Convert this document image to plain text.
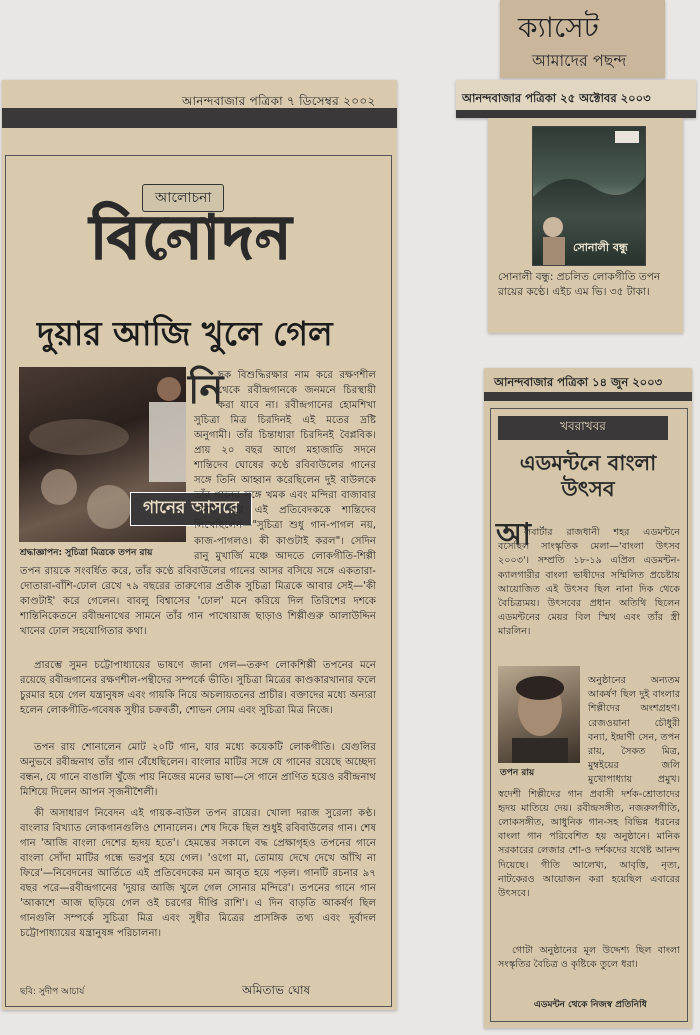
আনন্দবাজার পত্রিকা ৭ ডিসেম্বর ২০০২
আলোচনা
বিনোদন
দুয়ার আজি খুলে গেল
গানের আসরে
শ্রদ্ধাজ্ঞাপন: সুচিত্রা মিত্রকে তপন রায়
নি
ছক বিশুদ্ধিরক্ষার নাম করে রক্ষণশীল থেকে রবীন্দ্রগানকে জনমনে চিরস্থায়ী করা যাবে না। রবীন্দ্রগানের হোমশিখা সুচিত্রা মিত্র চিরদিনই এই মতের দ্রষ্টি অনুগামী। তাঁর চিন্তাধারা চিরদিনই বৈপ্লবিক। প্রায় ২০ বছর আগে মহাজাতি সদনে শান্তিদেব ঘোষের কণ্ঠে রবিবাউলের গানের সঙ্গে তিনি আহ্বান করেছিলেন দুই বাউলকে তাঁর গানের সঙ্গে খমক এবং মন্দিরা বাজাবার জন্য। পরে এই প্রতিবেদককে শান্তিদেব লিখেছিলেন—"সুচিত্রা শুধু গান-পাগল নয়, কাজ-পাগলও। কী কাণ্ডটাই করল"। সেদিন রানু মুখার্জি মঞ্চে আদতে লোকগীতি-শিল্পী তপন রায়কে সংবর্ধিত করে, তাঁর কণ্ঠে রবিবাউলের গানের আসর বসিয়ে সঙ্গে একতারা-দোতারা-বাঁশি-ঢোল রেখে ৭৯ বছরের তারুণ্যের প্রতীক সুচিত্রা মিত্রকে আবার সেই—'কী কাণ্ডটাই' করে গেলেন। বাবলু বিশ্বাসের 'ঢোল' মনে করিয়ে দিল তিরিশের দশকে শান্তিনিকেতনে রবীন্দ্রনাথের সামনে তাঁর গান পাখোয়াজ ছাড়াও শিল্পীগুরু আলাউদ্দিন খানের ঢোল সহযোগিতার কথা।
প্রারম্ভে সুমন চট্টোপাধ্যায়ের ভাষণে জানা গেল—তরুণ লোকশিল্পী তপনের মনে রয়েছে রবীন্দ্রগানের রক্ষণশীল-পন্থীদের সম্পর্কে ভীতি। সুচিত্রা মিত্রের কাণ্ডকারখানার ফলে চুরমার হয়ে গেল যন্ত্রানুষঙ্গ এবং গায়কি নিয়ে অচলায়তনের প্রাচীর। বক্তাদের মধ্যে অন্যরা হলেন লোকগীতি-গবেষক সুধীর চক্রবর্তী, শোভন সোম এবং সুচিত্রা মিত্র নিজে।
তপন রায় শোনালেন মোট ২০টি গান, যার মধ্যে কয়েকটি লোকগীতি। যেগুলির অনুভবে রবীন্দ্রনাথ তাঁর গান বেঁধেছিলেন। বাংলার মাটির সঙ্গে যে গানের রয়েছে অচ্ছেদ্য বন্ধন, যে গানে বাঙালি খুঁজে পায় নিজের মনের ভাষা—সে গানে প্রাণিত হয়েও রবীন্দ্রনাথ মিশিয়ে দিলেন আপন সৃজনীশৈলী।
কী অসাধারণ নিবেদন এই গায়ক-বাউল তপন রায়ের। খোলা দরাজ সুরেলা কণ্ঠ। বাংলার বিখ্যাত লোকগানগুলিও শোনালেন। শেষ দিকে ছিল শুধুই রবিবাউলের গান। শেষ গান 'আজি বাংলা দেশের হৃদয় হতে'। হেমন্তের সকালে বদ্ধ প্রেক্ষাগৃহও তপনের গানে বাংলা সোঁদা মাটির গন্ধে ভরপুর হয়ে গেল। 'ওগো মা, তোমায় দেখে দেখে আঁখি না ফিরে'—নিবেদনের আর্তিতে এই প্রতিবেদকের মন আবৃত হয়ে পড়ল। গানটি রচনার ৯৭ বছর পরে—রবীন্দ্রগানের 'দুয়ার আজি খুলে গেল সোনার মন্দিরে'। তপনের গানে গান 'আকাশে আজ ছড়িয়ে গেল ওই চরণের দীপ্তি রাশি'। এ দিন বাড়তি আকর্ষণ ছিল গানগুলি সম্পর্কে সুচিত্রা মিত্র এবং সুধীর মিত্রের প্রাসঙ্গিক তথ্য এবং দুর্বাদল চট্টোপাধ্যায়ের যন্ত্রানুষঙ্গ পরিচালনা।
ছবি: সুদীপ আচার্য	অমিতাভ ঘোষ
ক্যাসেট
আমাদের পছন্দ
আনন্দবাজার পত্রিকা ২৫ অক্টোবর ২০০৩
সোনালী বন্ধু
সোনালী বন্ধু: প্রচলিত লোকগীতি তপন রায়ের কণ্ঠে। এইচ এম ভি। ৩৫ টাকা।
আনন্দবাজার পত্রিকা ১৪ জুন ২০০৩
খবরাখবর
এডমন্টনে বাংলা উৎসব
আ
লবার্টার রাজধানী শহর এডমন্টনে বসেছিল সাংস্কৃতিক মেলা—'বাংলা উৎসব ২০০৩'। সম্প্রতি ১৮-১৯ এপ্রিল এডমন্টন-ক্যালগারীর বাংলা ভাষীদের সম্মিলিত প্রচেষ্টায় আয়োজিত এই উৎসব ছিল নানা দিক থেকে বৈচিত্র্যময়। উৎসবের প্রধান অতিথি ছিলেন এডমন্টনের মেয়র বিল স্মিথ এবং তাঁর স্ত্রী মারলিন।
তপন রায়
অনুষ্ঠানের অন্যতম আকর্ষণ ছিল দুই বাংলার শিল্পীদের অংশগ্রহণ। রেজওয়ানা চৌধুরী বন্যা, ইন্দ্রাণী সেন, তপন রায়, সৈকত মিত্র, মুম্বইয়ের জলি মুখোপাধ্যায় প্রমুখ। স্বদেশী শিল্পীদের গান প্রবাসী দর্শক-শ্রোতাদের হৃদয় মাতিয়ে দেয়। রবীন্দ্রসঙ্গীত, নজরুলগীতি, লোকসঙ্গীত, আধুনিক গান-সহ বিভিন্ন ধরনের বাংলা গান পরিবেশিত হয় অনুষ্ঠানে। মানিক সরকারের লেজার শো-ও দর্শকদের যথেষ্ট আনন্দ দিয়েছে। গীতি আলেখ্য, আবৃত্তি, নৃত্য, নাটকেরও আয়োজন করা হয়েছিল এবারের উৎসবে।
গোটা অনুষ্ঠানের মূল উদ্দেশ্য ছিল বাংলা সংস্কৃতির বৈচিত্র ও কৃষ্টিকে তুলে ধরা।
এডমন্টন থেকে নিজস্ব প্রতিনিধি
